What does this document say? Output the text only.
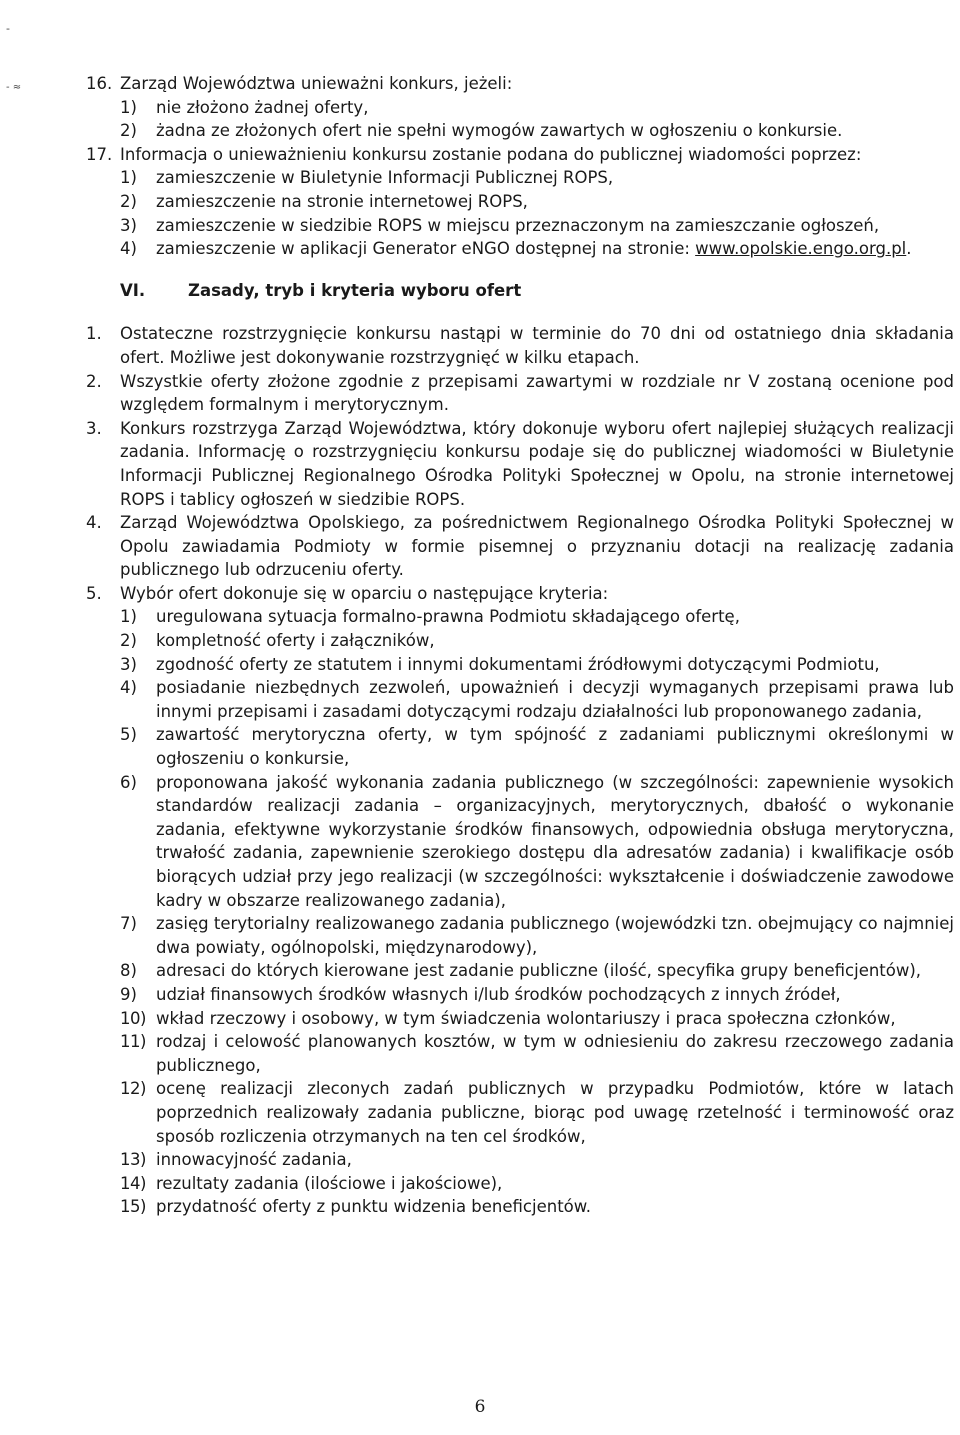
-
- ≈	16. Zarząd Województwa unieważni konkurs, jeżeli:
1)	nie złożono żadnej oferty,
2)	żadna ze złożonych ofert nie spełni wymogów zawartych w ogłoszeniu o konkursie.
17. Informacja o unieważnieniu konkursu zostanie podana do publicznej wiadomości poprzez:
1)	zamieszczenie w Biuletynie Informacji Publicznej ROPS,
2)	zamieszczenie na stronie internetowej ROPS,
3)	zamieszczenie w siedzibie ROPS w miejscu przeznaczonym na zamieszczanie ogłoszeń,
4)	zamieszczenie w aplikacji Generator eNGO dostępnej na stronie: www.opolskie.engo.org.pl.
VI.	Zasady, tryb i kryteria wyboru ofert
1.	Ostateczne rozstrzygnięcie konkursu nastąpi w terminie do 70 dni od ostatniego dnia składania ofert. Możliwe jest dokonywanie rozstrzygnięć w kilku etapach.
2.	Wszystkie oferty złożone zgodnie z przepisami zawartymi w rozdziale nr V zostaną ocenione pod względem formalnym i merytorycznym.
3.	Konkurs rozstrzyga Zarząd Województwa, który dokonuje wyboru ofert najlepiej służących realizacji zadania. Informację o rozstrzygnięciu konkursu podaje się do publicznej wiadomości w Biuletynie Informacji Publicznej Regionalnego Ośrodka Polityki Społecznej w Opolu, na stronie internetowej ROPS i tablicy ogłoszeń w siedzibie ROPS.
4.	Zarząd Województwa Opolskiego, za pośrednictwem Regionalnego Ośrodka Polityki Społecznej w Opolu zawiadamia Podmioty w formie pisemnej o przyznaniu dotacji na realizację zadania publicznego lub odrzuceniu oferty.
5.	Wybór ofert dokonuje się w oparciu o następujące kryteria:
1)	uregulowana sytuacja formalno-prawna Podmiotu składającego ofertę,
2)	kompletność oferty i załączników,
3)	zgodność oferty ze statutem i innymi dokumentami źródłowymi dotyczącymi Podmiotu,
4)	posiadanie niezbędnych zezwoleń, upoważnień i decyzji wymaganych przepisami prawa lub innymi przepisami i zasadami dotyczącymi rodzaju działalności lub proponowanego zadania,
5)	zawartość merytoryczna oferty, w tym spójność z zadaniami publicznymi określonymi w ogłoszeniu o konkursie,
6)	proponowana jakość wykonania zadania publicznego (w szczególności: zapewnienie wysokich standardów realizacji zadania – organizacyjnych, merytorycznych, dbałość o wykonanie zadania, efektywne wykorzystanie środków finansowych, odpowiednia obsługa merytoryczna, trwałość zadania, zapewnienie szerokiego dostępu dla adresatów zadania) i kwalifikacje osób biorących udział przy jego realizacji (w szczególności: wykształcenie i doświadczenie zawodowe kadry w obszarze realizowanego zadania),
7)	zasięg terytorialny realizowanego zadania publicznego (wojewódzki tzn. obejmujący co najmniej dwa powiaty, ogólnopolski, międzynarodowy),
8)	adresaci do których kierowane jest zadanie publiczne (ilość, specyfika grupy beneficjentów),
9)	udział finansowych środków własnych i/lub środków pochodzących z innych źródeł,
10) wkład rzeczowy i osobowy, w tym świadczenia wolontariuszy i praca społeczna członków,
11) rodzaj i celowość planowanych kosztów, w tym w odniesieniu do zakresu rzeczowego zadania publicznego,
12) ocenę realizacji zleconych zadań publicznych w przypadku Podmiotów, które w latach poprzednich realizowały zadania publiczne, biorąc pod uwagę rzetelność i terminowość oraz sposób rozliczenia otrzymanych na ten cel środków,
13) innowacyjność zadania,
14) rezultaty zadania (ilościowe i jakościowe),
15) przydatność oferty z punktu widzenia beneficjentów.
6
